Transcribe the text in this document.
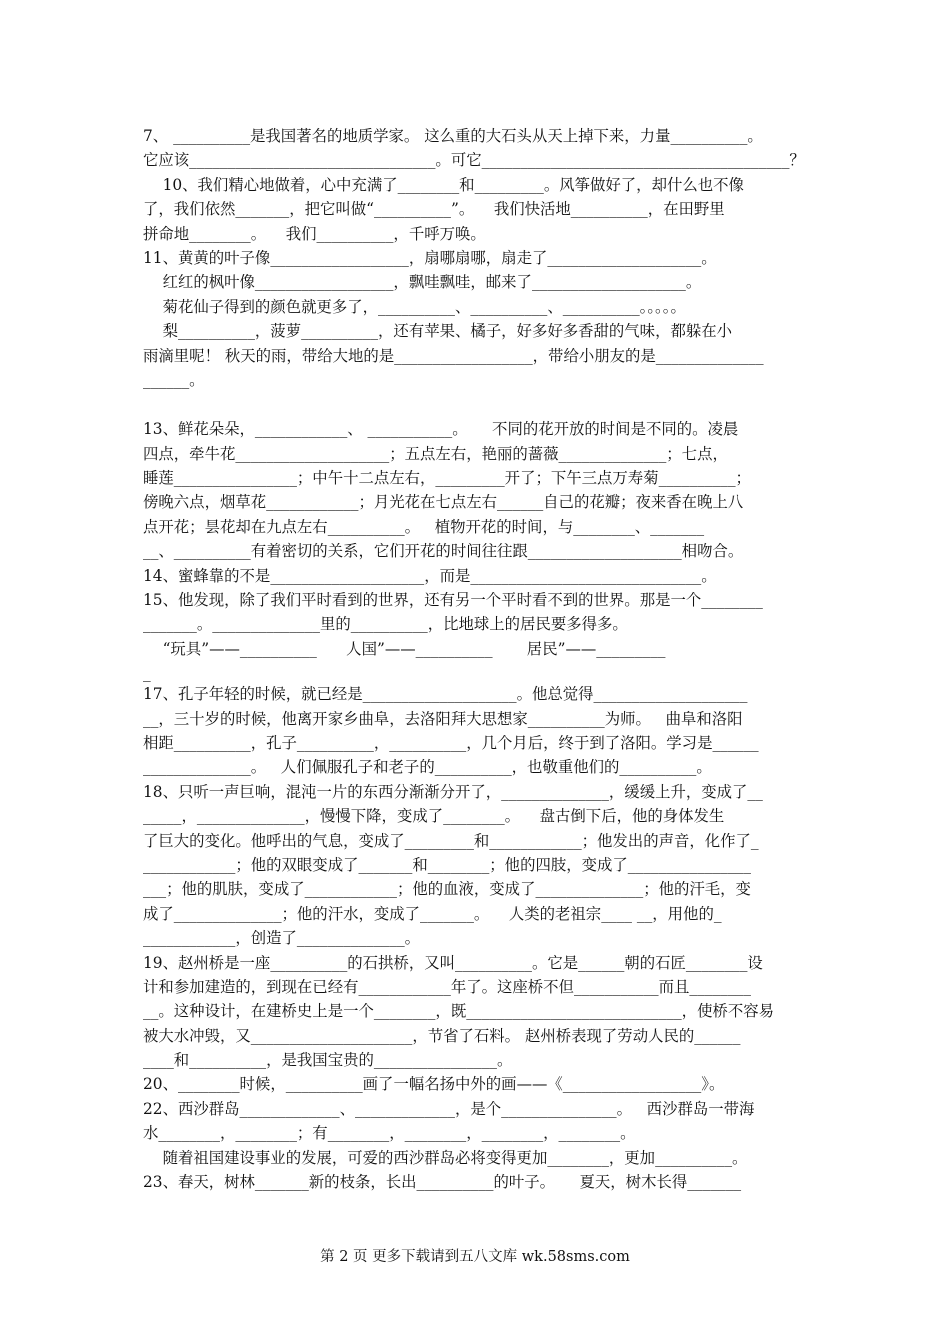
7、 __________是我国著名的地质学家。 这么重的大石头从天上掉下来，力量__________。
它应该________________________________。可它________________________________________？
10、我们精心地做着，心中充满了________和_________。风筝做好了，却什么也不像
了，我们依然_______，把它叫做“__________”。    我们快活地__________，在田野里
拼命地________。    我们__________，千呼万唤。
11、黄黄的叶子像__________________，扇哪扇哪，扇走了____________________。
红红的枫叶像__________________，飘哇飘哇，邮来了____________________。
菊花仙子得到的颜色就更多了，__________、__________、__________。。。。。
梨__________，菠萝__________，还有苹果、橘子，好多好多香甜的气味，都躲在小
雨滴里呢！ 秋天的雨，带给大地的是__________________，带给小朋友的是______________
______。
13、鲜花朵朵，____________、 ___________。     不同的花开放的时间是不同的。凌晨
四点，牵牛花____________________；五点左右，艳丽的蔷薇______________；七点，
睡莲________________；中午十二点左右，_________开了；下午三点万寿菊__________；
傍晚六点，烟草花____________；月光花在七点左右______自己的花瓣；夜来香在晚上八
点开花；昙花却在九点左右__________。   植物开花的时间，与________、_______
__、__________有着密切的关系，它们开花的时间往往跟____________________相吻合。
14、蜜蜂靠的不是____________________，而是______________________________。
15、他发现，除了我们平时看到的世界，还有另一个平时看不到的世界。那是一个________
_______。______________里的__________，比地球上的居民要多得多。
“玩具”——__________      人国”——__________       居民”——_________
_
17、孔子年轻的时候，就已经是____________________。他总觉得____________________
__，三十岁的时候，他离开家乡曲阜，去洛阳拜大思想家__________为师。   曲阜和洛阳
相距__________，孔子__________，__________，几个月后，终于到了洛阳。学习是______
______________。   人们佩服孔子和老子的__________，也敬重他们的__________。
18、只听一声巨响，混沌一片的东西分渐渐分开了，______________，缓缓上升，变成了__
_____，______________，慢慢下降，变成了________。    盘古倒下后，他的身体发生
了巨大的变化。他呼出的气息，变成了_________和____________；他发出的声音，化作了_
____________；他的双眼变成了_______和________；他的四肢，变成了________________
___；他的肌肤，变成了____________；他的血液，变成了______________；他的汗毛，变
成了______________；他的汗水，变成了_______。    人类的老祖宗____ __，用他的_
____________，创造了______________。
19、赵州桥是一座__________的石拱桥，又叫__________。它是______朝的石匠________设
计和参加建造的，到现在已经有____________年了。这座桥不但___________而且________
__。这种设计，在建桥史上是一个________，既____________________________，使桥不容易
被大水冲毁，又_____________________，节省了石料。 赵州桥表现了劳动人民的______
____和__________，是我国宝贵的________________。
20、________时候，__________画了一幅名扬中外的画——《__________________》。
22、西沙群岛_____________、_____________，是个_______________。   西沙群岛一带海
水________，________；有________，________，________，________。
随着祖国建设事业的发展，可爱的西沙群岛必将变得更加________，更加__________。
23、春天，树林_______新的枝条，长出__________的叶子。     夏天，树木长得_______
第 2 页 更多下载请到五八文库 wk.58sms.com
